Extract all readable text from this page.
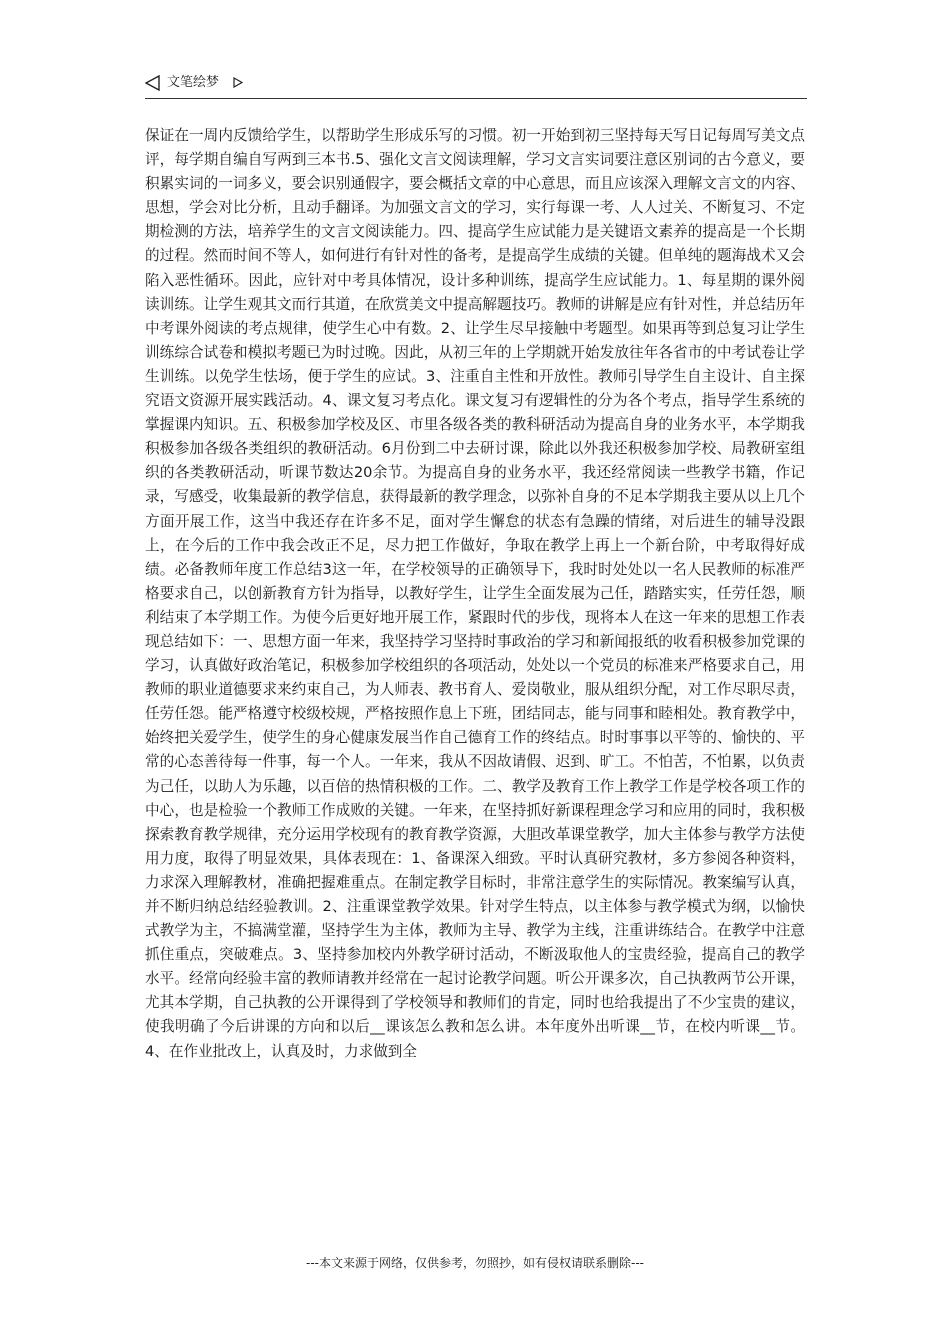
文笔绘梦
保证在一周内反馈给学生，以帮助学生形成乐写的习惯。初一开始到初三坚持每天写日记每周写美文点评，每学期自编自写两到三本书.5、强化文言文阅读理解，学习文言实词要注意区别词的古今意义，要积累实词的一词多义，要会识别通假字，要会概括文章的中心意思，而且应该深入理解文言文的内容、思想，学会对比分析，且动手翻译。为加强文言文的学习，实行每课一考、人人过关、不断复习、不定期检测的方法，培养学生的文言文阅读能力。四、提高学生应试能力是关键语文素养的提高是一个长期的过程。然而时间不等人，如何进行有针对性的备考，是提高学生成绩的关键。但单纯的题海战术又会陷入恶性循环。因此，应针对中考具体情况，设计多种训练，提高学生应试能力。1、每星期的课外阅读训练。让学生观其文而行其道，在欣赏美文中提高解题技巧。教师的讲解是应有针对性，并总结历年中考课外阅读的考点规律，使学生心中有数。2、让学生尽早接触中考题型。如果再等到总复习让学生训练综合试卷和模拟考题已为时过晚。因此，从初三年的上学期就开始发放往年各省市的中考试卷让学生训练。以免学生怯场，便于学生的应试。3、注重自主性和开放性。教师引导学生自主设计、自主探究语文资源开展实践活动。4、课文复习考点化。课文复习有逻辑性的分为各个考点，指导学生系统的掌握课内知识。五、积极参加学校及区、市里各级各类的教科研活动为提高自身的业务水平，本学期我积极参加各级各类组织的教研活动。6月份到二中去研讨课，除此以外我还积极参加学校、局教研室组织的各类教研活动，听课节数达20余节。为提高自身的业务水平，我还经常阅读一些教学书籍，作记录，写感受，收集最新的教学信息，获得最新的教学理念，以弥补自身的不足本学期我主要从以上几个方面开展工作，这当中我还存在许多不足，面对学生懈怠的状态有急躁的情绪，对后进生的辅导没跟上，在今后的工作中我会改正不足，尽力把工作做好，争取在教学上再上一个新台阶，中考取得好成绩。必备教师年度工作总结3这一年，在学校领导的正确领导下，我时时处处以一名人民教师的标准严格要求自己，以创新教育方针为指导，以教好学生，让学生全面发展为己任，踏踏实实，任劳任怨，顺利结束了本学期工作。为使今后更好地开展工作，紧跟时代的步伐，现将本人在这一年来的思想工作表现总结如下：一、思想方面一年来，我坚持学习坚持时事政治的学习和新闻报纸的收看积极参加党课的学习，认真做好政治笔记，积极参加学校组织的各项活动，处处以一个党员的标准来严格要求自己，用教师的职业道德要求来约束自己，为人师表、教书育人、爱岗敬业，服从组织分配，对工作尽职尽责，任劳任怨。能严格遵守校级校规，严格按照作息上下班，团结同志，能与同事和睦相处。教育教学中，始终把关爱学生，使学生的身心健康发展当作自己德育工作的终结点。时时事事以平等的、愉快的、平常的心态善待每一件事，每一个人。一年来，我从不因故请假、迟到、旷工。不怕苦，不怕累，以负责为己任，以助人为乐趣，以百倍的热情积极的工作。二、教学及教育工作上教学工作是学校各项工作的中心，也是检验一个教师工作成败的关键。一年来，在坚持抓好新课程理念学习和应用的同时，我积极探索教育教学规律，充分运用学校现有的教育教学资源，大胆改革课堂教学，加大主体参与教学方法使用力度，取得了明显效果，具体表现在：1、备课深入细致。平时认真研究教材，多方参阅各种资料，力求深入理解教材，准确把握难重点。在制定教学目标时，非常注意学生的实际情况。教案编写认真，并不断归纳总结经验教训。2、注重课堂教学效果。针对学生特点，以主体参与教学模式为纲，以愉快式教学为主，不搞满堂灌，坚持学生为主体，教师为主导、教学为主线，注重讲练结合。在教学中注意抓住重点，突破难点。3、坚持参加校内外教学研讨活动，不断汲取他人的宝贵经验，提高自己的教学水平。经常向经验丰富的教师请教并经常在一起讨论教学问题。听公开课多次，自己执教两节公开课，尤其本学期，自己执教的公开课得到了学校领导和教师们的肯定，同时也给我提出了不少宝贵的建议，使我明确了今后讲课的方向和以后__课该怎么教和怎么讲。本年度外出听课__节，在校内听课__节。4、在作业批改上，认真及时，力求做到全
---本文来源于网络，仅供参考，勿照抄，如有侵权请联系删除---
